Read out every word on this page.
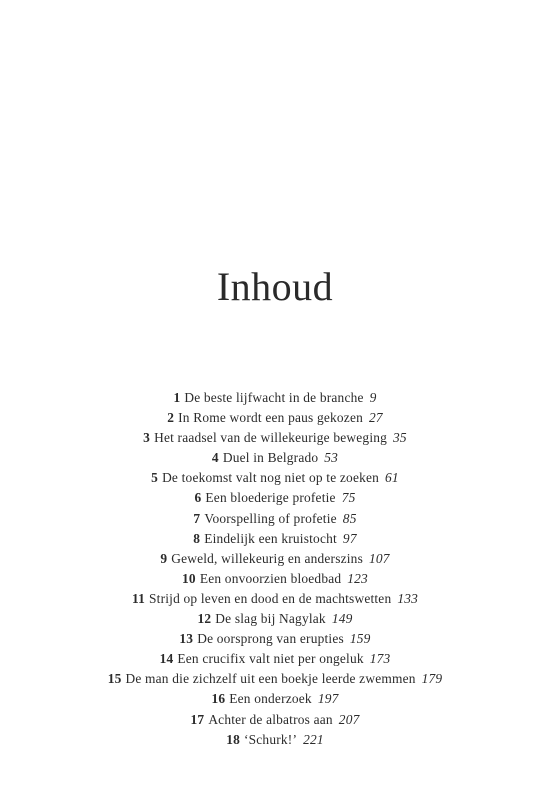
Inhoud
1 De beste lijfwacht in de branche 9
2 In Rome wordt een paus gekozen 27
3 Het raadsel van de willekeurige beweging 35
4 Duel in Belgrado 53
5 De toekomst valt nog niet op te zoeken 61
6 Een bloederige profetie 75
7 Voorspelling of profetie 85
8 Eindelijk een kruistocht 97
9 Geweld, willekeurig en anderszins 107
10 Een onvoorzien bloedbad 123
11 Strijd op leven en dood en de machtswetten 133
12 De slag bij Nagylak 149
13 De oorsprong van erupties 159
14 Een crucifix valt niet per ongeluk 173
15 De man die zichzelf uit een boekje leerde zwemmen 179
16 Een onderzoek 197
17 Achter de albatros aan 207
18 ‘Schurk!’ 221
